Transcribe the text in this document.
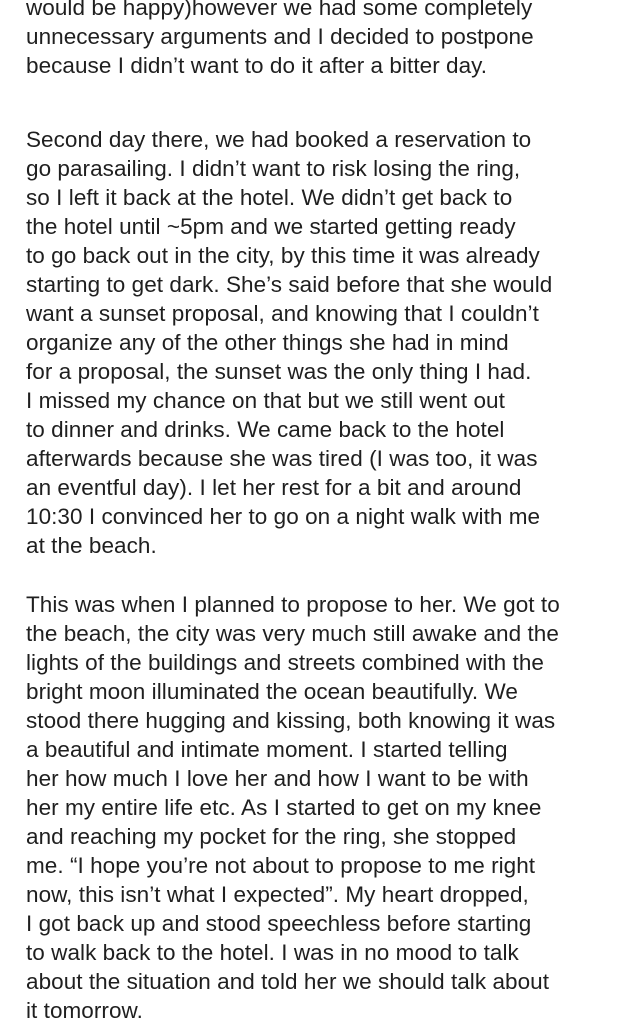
would be happy)however we had some completely
unnecessary arguments and I decided to postpone
because I didn’t want to do it after a bitter day.
Second day there, we had booked a reservation to
go parasailing. I didn’t want to risk losing the ring,
so I left it back at the hotel. We didn’t get back to
the hotel until ~5pm and we started getting ready
to go back out in the city, by this time it was already
starting to get dark. She’s said before that she would
want a sunset proposal, and knowing that I couldn’t
organize any of the other things she had in mind
for a proposal, the sunset was the only thing I had.
I missed my chance on that but we still went out
to dinner and drinks. We came back to the hotel
afterwards because she was tired (I was too, it was
an eventful day). I let her rest for a bit and around
10:30 I convinced her to go on a night walk with me
at the beach.
This was when I planned to propose to her. We got to
the beach, the city was very much still awake and the
lights of the buildings and streets combined with the
bright moon illuminated the ocean beautifully. We
stood there hugging and kissing, both knowing it was
a beautiful and intimate moment. I started telling
her how much I love her and how I want to be with
her my entire life etc. As I started to get on my knee
and reaching my pocket for the ring, she stopped
me. “I hope you’re not about to propose to me right
now, this isn’t what I expected”. My heart dropped,
I got back up and stood speechless before starting
to walk back to the hotel. I was in no mood to talk
about the situation and told her we should talk about
it tomorrow.
